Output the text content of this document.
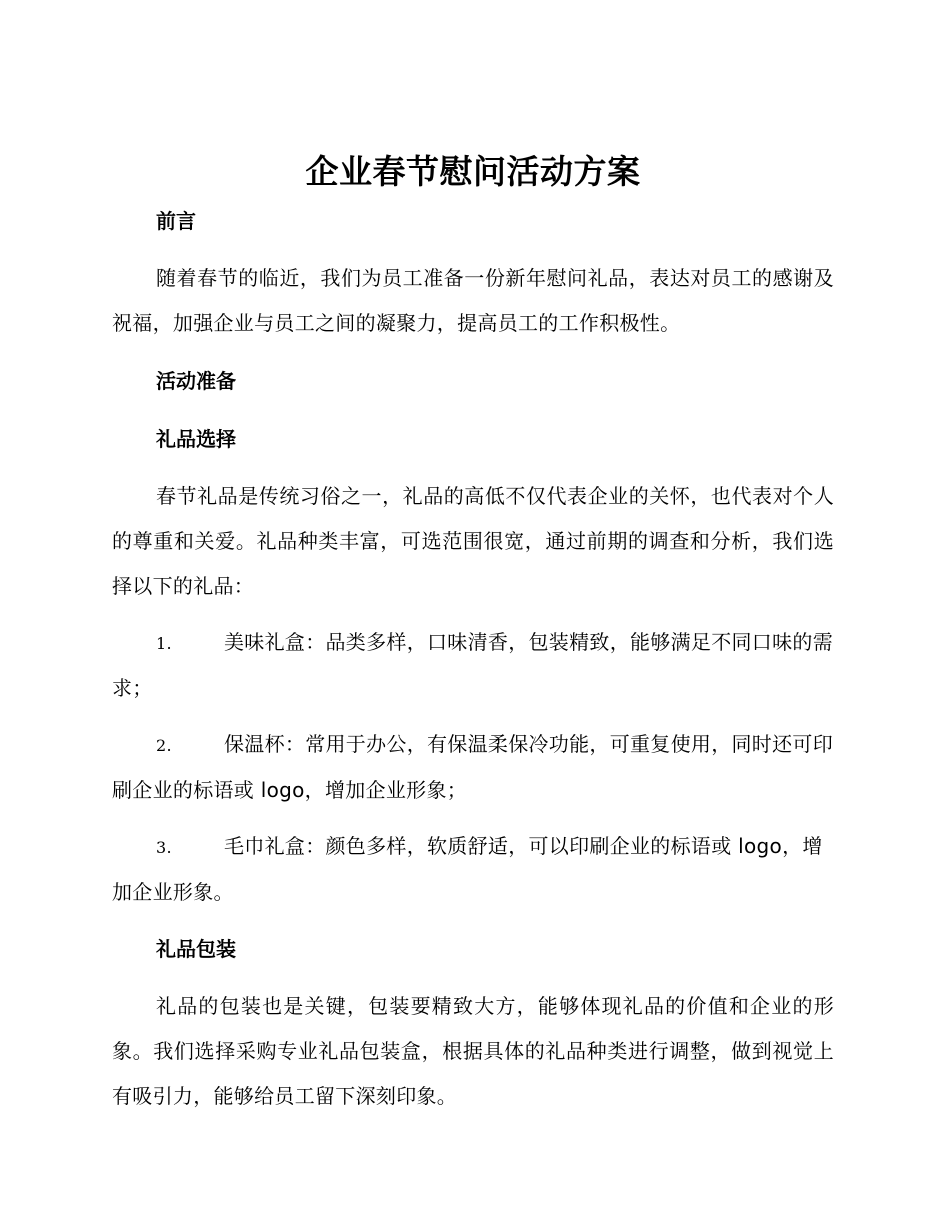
企业春节慰问活动方案
前言
随着春节的临近，我们为员工准备一份新年慰问礼品，表达对员工的感谢及祝福，加强企业与员工之间的凝聚力，提高员工的工作积极性。
活动准备
礼品选择
春节礼品是传统习俗之一，礼品的高低不仅代表企业的关怀，也代表对个人的尊重和关爱。礼品种类丰富，可选范围很宽，通过前期的调查和分析，我们选择以下的礼品：
1.	美味礼盒：品类多样，口味清香，包装精致，能够满足不同口味的需求；
2.	保温杯：常用于办公，有保温柔保冷功能，可重复使用，同时还可印刷企业的标语或 logo，增加企业形象；
3.	毛巾礼盒：颜色多样，软质舒适，可以印刷企业的标语或 logo，增加企业形象。
礼品包装
礼品的包装也是关键，包装要精致大方，能够体现礼品的价值和企业的形象。我们选择采购专业礼品包装盒，根据具体的礼品种类进行调整，做到视觉上有吸引力，能够给员工留下深刻印象。
